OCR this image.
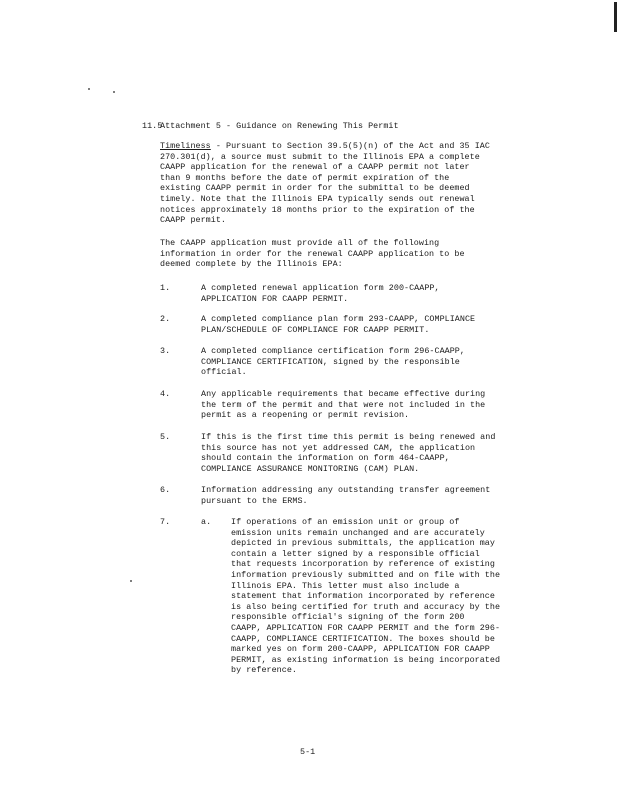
11.5
Attachment 5 - Guidance on Renewing This Permit
Timeliness - Pursuant to Section 39.5(5)(n) of the Act and 35 IAC
270.301(d), a source must submit to the Illinois EPA a complete
CAAPP application for the renewal of a CAAPP permit not later
than 9 months before the date of permit expiration of the
existing CAAPP permit in order for the submittal to be deemed
timely. Note that the Illinois EPA typically sends out renewal
notices approximately 18 months prior to the expiration of the
CAAPP permit.
The CAAPP application must provide all of the following
information in order for the renewal CAAPP application to be
deemed complete by the Illinois EPA:
1.	A completed renewal application form 200-CAAPP,
APPLICATION FOR CAAPP PERMIT.
2.	A completed compliance plan form 293-CAAPP, COMPLIANCE
PLAN/SCHEDULE OF COMPLIANCE FOR CAAPP PERMIT.
3.	A completed compliance certification form 296-CAAPP,
COMPLIANCE CERTIFICATION, signed by the responsible
official.
4.	Any applicable requirements that became effective during
the term of the permit and that were not included in the
permit as a reopening or permit revision.
5.	If this is the first time this permit is being renewed and
this source has not yet addressed CAM, the application
should contain the information on form 464-CAAPP,
COMPLIANCE ASSURANCE MONITORING (CAM) PLAN.
6.	Information addressing any outstanding transfer agreement
pursuant to the ERMS.
7.	a. If operations of an emission unit or group of
emission units remain unchanged and are accurately
depicted in previous submittals, the application may
contain a letter signed by a responsible official
that requests incorporation by reference of existing
information previously submitted and on file with the
Illinois EPA. This letter must also include a
statement that information incorporated by reference
is also being certified for truth and accuracy by the
responsible official's signing of the form 200
CAAPP, APPLICATION FOR CAAPP PERMIT and the form 296-
CAAPP, COMPLIANCE CERTIFICATION. The boxes should be
marked yes on form 200-CAAPP, APPLICATION FOR CAAPP
PERMIT, as existing information is being incorporated
by reference.
5-1
